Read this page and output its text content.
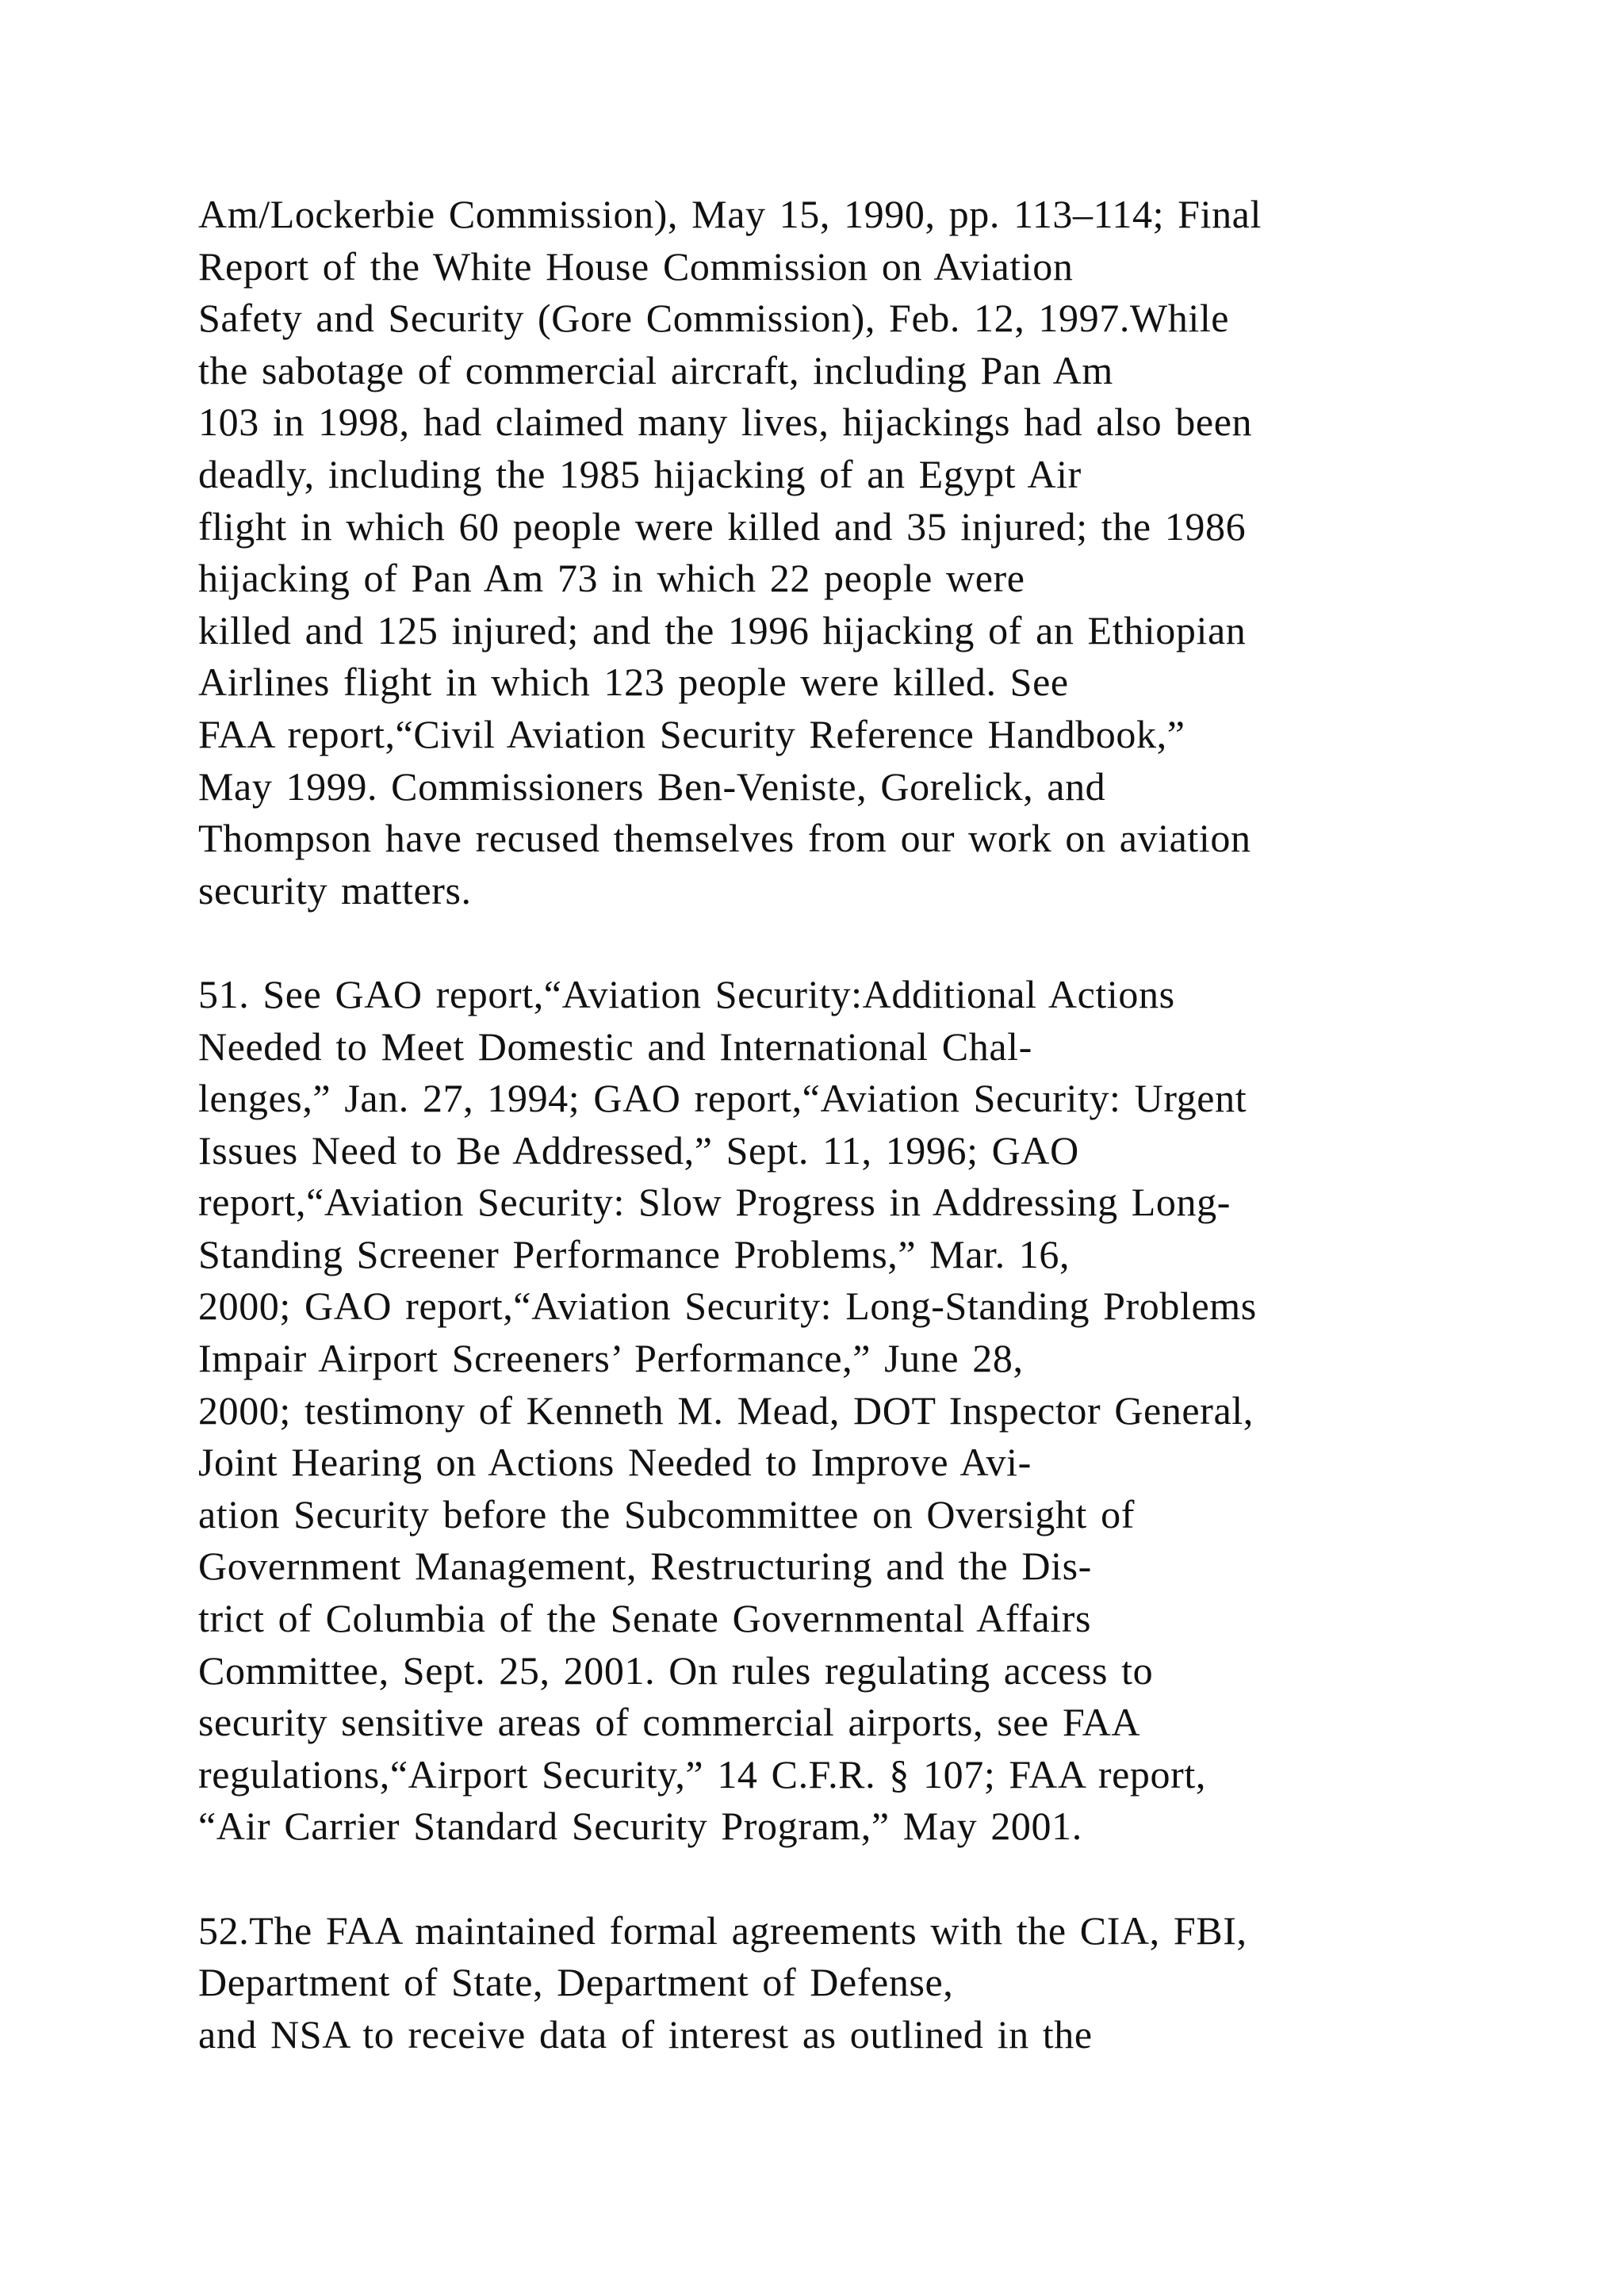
Am/Lockerbie Commission), May 15, 1990, pp. 113–114; Final
Report of the White House Commission on Aviation
Safety and Security (Gore Commission), Feb. 12, 1997.While
the sabotage of commercial aircraft, including Pan Am
103 in 1998, had claimed many lives, hijackings had also been
deadly, including the 1985 hijacking of an Egypt Air
flight in which 60 people were killed and 35 injured; the 1986
hijacking of Pan Am 73 in which 22 people were
killed and 125 injured; and the 1996 hijacking of an Ethiopian
Airlines flight in which 123 people were killed. See
FAA report,“Civil Aviation Security Reference Handbook,”
May 1999. Commissioners Ben-Veniste, Gorelick, and
Thompson have recused themselves from our work on aviation
security matters.

51. See GAO report,“Aviation Security:Additional Actions
Needed to Meet Domestic and International Chal-
lenges,” Jan. 27, 1994; GAO report,“Aviation Security: Urgent
Issues Need to Be Addressed,” Sept. 11, 1996; GAO
report,“Aviation Security: Slow Progress in Addressing Long-
Standing Screener Performance Problems,” Mar. 16,
2000; GAO report,“Aviation Security: Long-Standing Problems
Impair Airport Screeners’ Performance,” June 28,
2000; testimony of Kenneth M. Mead, DOT Inspector General,
Joint Hearing on Actions Needed to Improve Avi-
ation Security before the Subcommittee on Oversight of
Government Management, Restructuring and the Dis-
trict of Columbia of the Senate Governmental Affairs
Committee, Sept. 25, 2001. On rules regulating access to
security sensitive areas of commercial airports, see FAA
regulations,“Airport Security,” 14 C.F.R. § 107; FAA report,
“Air Carrier Standard Security Program,” May 2001.

52.The FAA maintained formal agreements with the CIA, FBI,
Department of State, Department of Defense,
and NSA to receive data of interest as outlined in the
